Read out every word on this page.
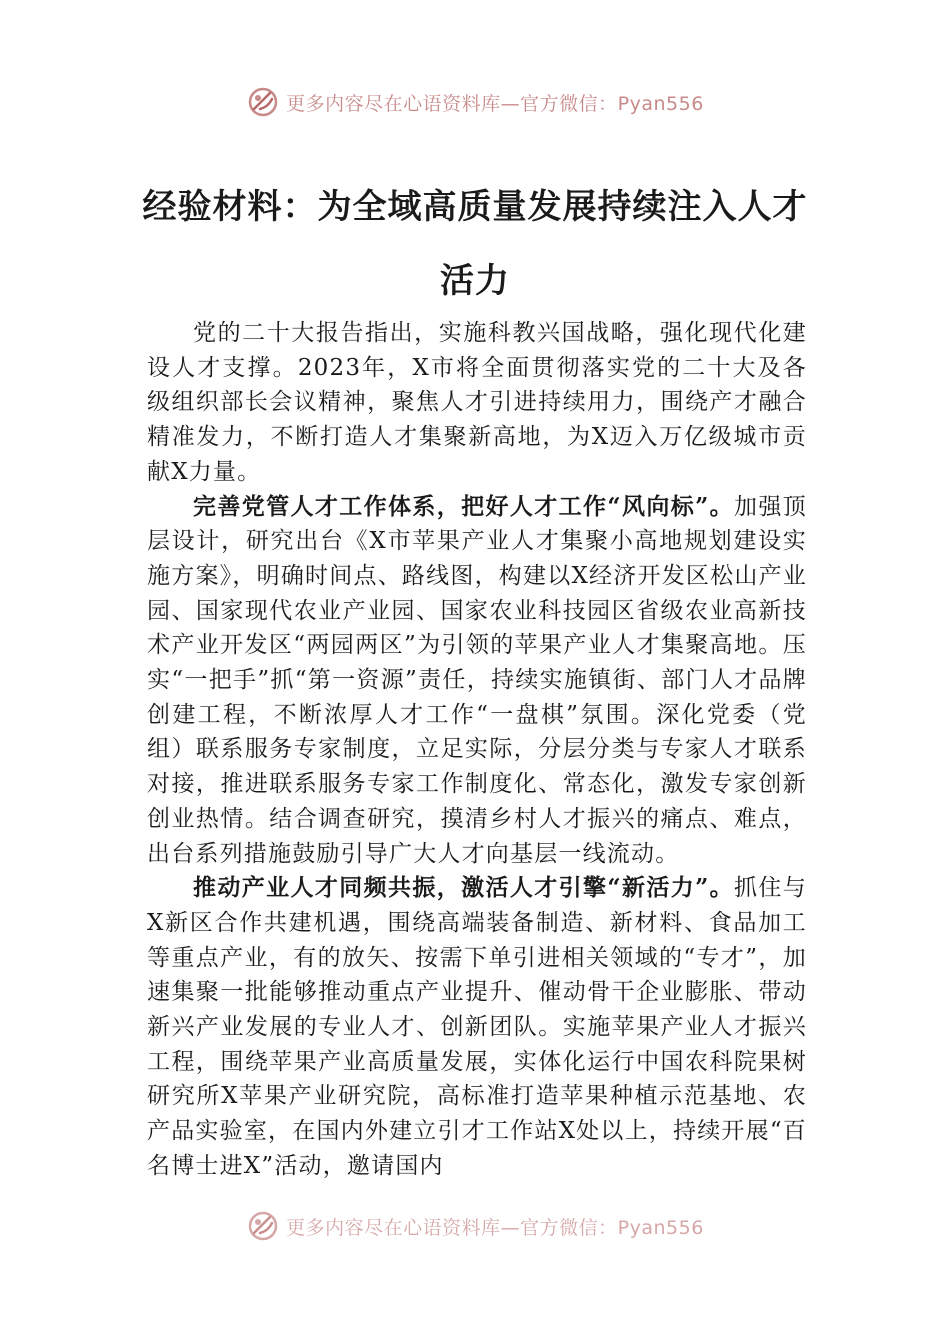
更多内容尽在心语资料库—官方微信：Pyan556
经验材料：为全域高质量发展持续注入人才活力

党的二十大报告指出，实施科教兴国战略，强化现代化建设人才支撑。2023年，X市将全面贯彻落实党的二十大及各级组织部长会议精神，聚焦人才引进持续用力，围绕产才融合精准发力，不断打造人才集聚新高地，为X迈入万亿级城市贡献X力量。

完善党管人才工作体系，把好人才工作“风向标”。加强顶层设计，研究出台《X市苹果产业人才集聚小高地规划建设实施方案》，明确时间点、路线图，构建以X经济开发区松山产业园、国家现代农业产业园、国家农业科技园区省级农业高新技术产业开发区“两园两区”为引领的苹果产业人才集聚高地。压实“一把手”抓“第一资源”责任，持续实施镇街、部门人才品牌创建工程，不断浓厚人才工作“一盘棋”氛围。深化党委（党组）联系服务专家制度，立足实际，分层分类与专家人才联系对接，推进联系服务专家工作制度化、常态化，激发专家创新创业热情。结合调查研究，摸清乡村人才振兴的痛点、难点，出台系列措施鼓励引导广大人才向基层一线流动。

推动产业人才同频共振，激活人才引擎“新活力”。抓住与X新区合作共建机遇，围绕高端装备制造、新材料、食品加工等重点产业，有的放矢、按需下单引进相关领域的“专才”，加速集聚一批能够推动重点产业提升、催动骨干企业膨胀、带动新兴产业发展的专业人才、创新团队。实施苹果产业人才振兴工程，围绕苹果产业高质量发展，实体化运行中国农科院果树研究所X苹果产业研究院，高标准打造苹果种植示范基地、农产品实验室，在国内外建立引才工作站X处以上，持续开展“百名博士进X”活动，邀请国内

更多内容尽在心语资料库—官方微信：Pyan556
